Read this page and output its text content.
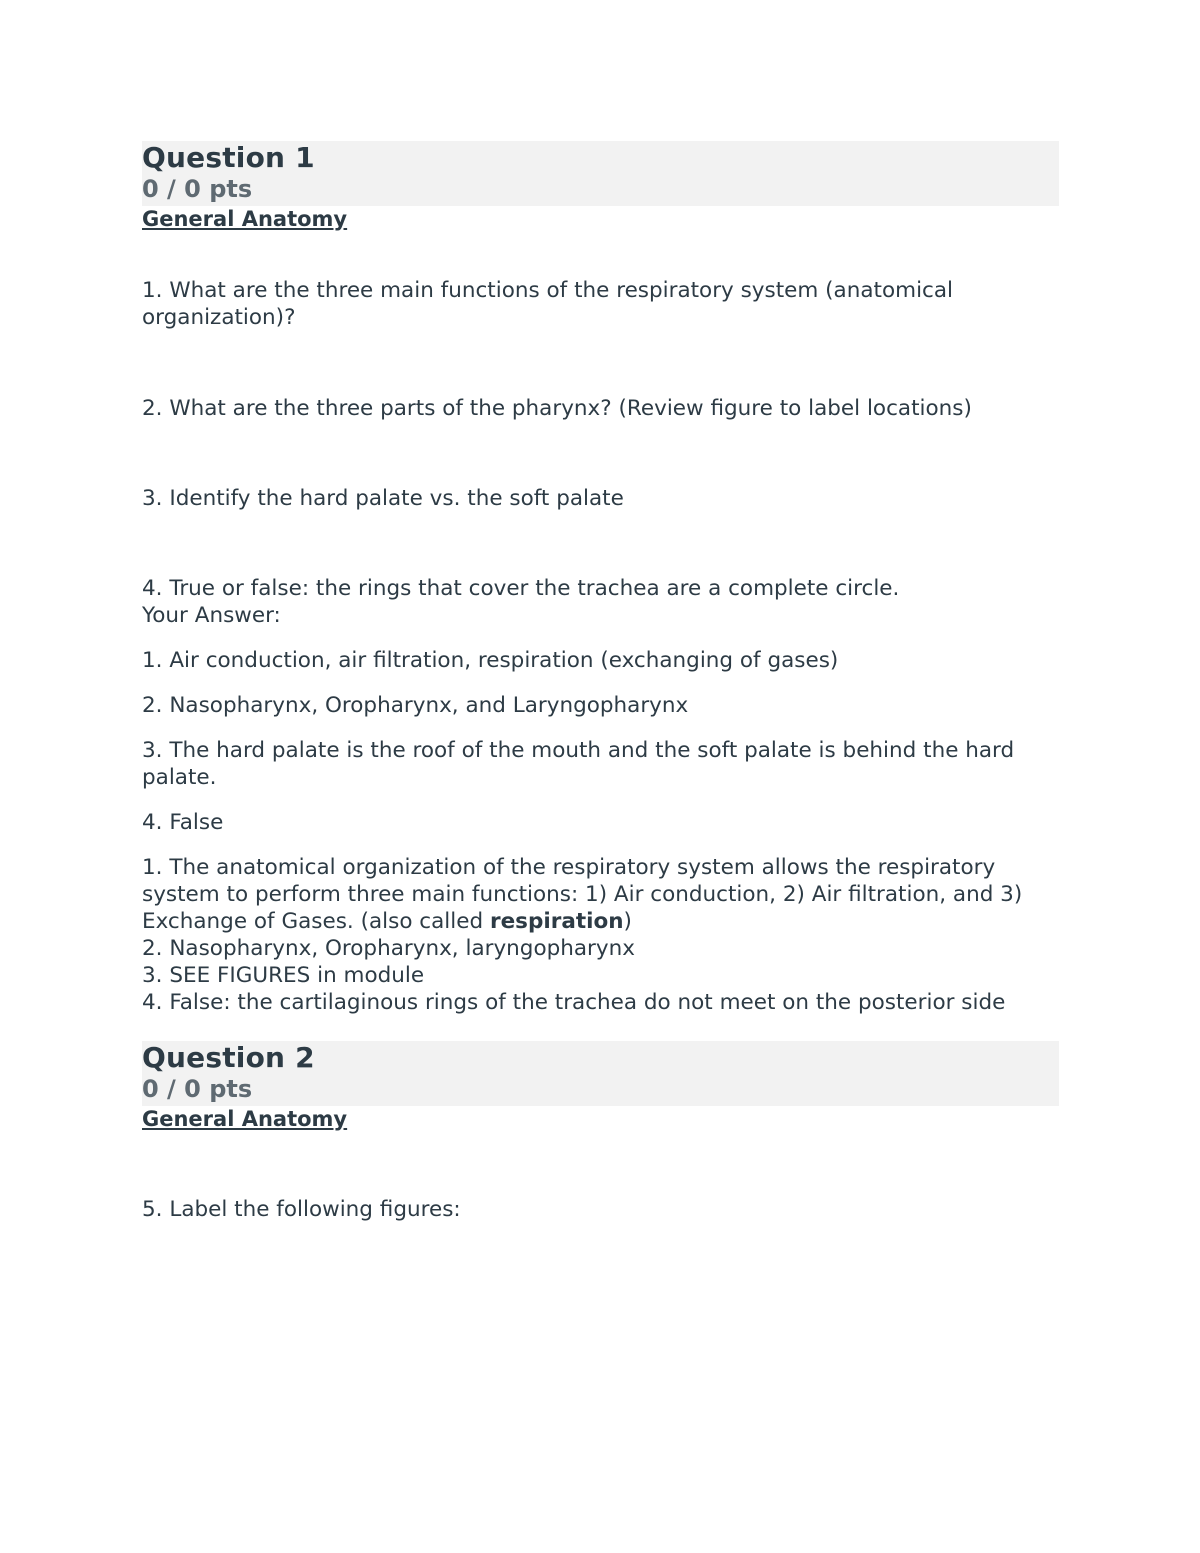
Question 1
0 / 0 pts
General Anatomy
1. What are the three main functions of the respiratory system (anatomical organization)?
2. What are the three parts of the pharynx? (Review figure to label locations)
3. Identify the hard palate vs. the soft palate
4. True or false: the rings that cover the trachea are a complete circle.
Your Answer:
1. Air conduction, air filtration, respiration (exchanging of gases)
2. Nasopharynx, Oropharynx, and Laryngopharynx
3. The hard palate is the roof of the mouth and the soft palate is behind the hard palate.
4. False
1. The anatomical organization of the respiratory system allows the respiratory system to perform three main functions: 1) Air conduction, 2) Air filtration, and 3) Exchange of Gases. (also called respiration)
2. Nasopharynx, Oropharynx, laryngopharynx
3. SEE FIGURES in module
4. False: the cartilaginous rings of the trachea do not meet on the posterior side
Question 2
0 / 0 pts
General Anatomy
5. Label the following figures:
